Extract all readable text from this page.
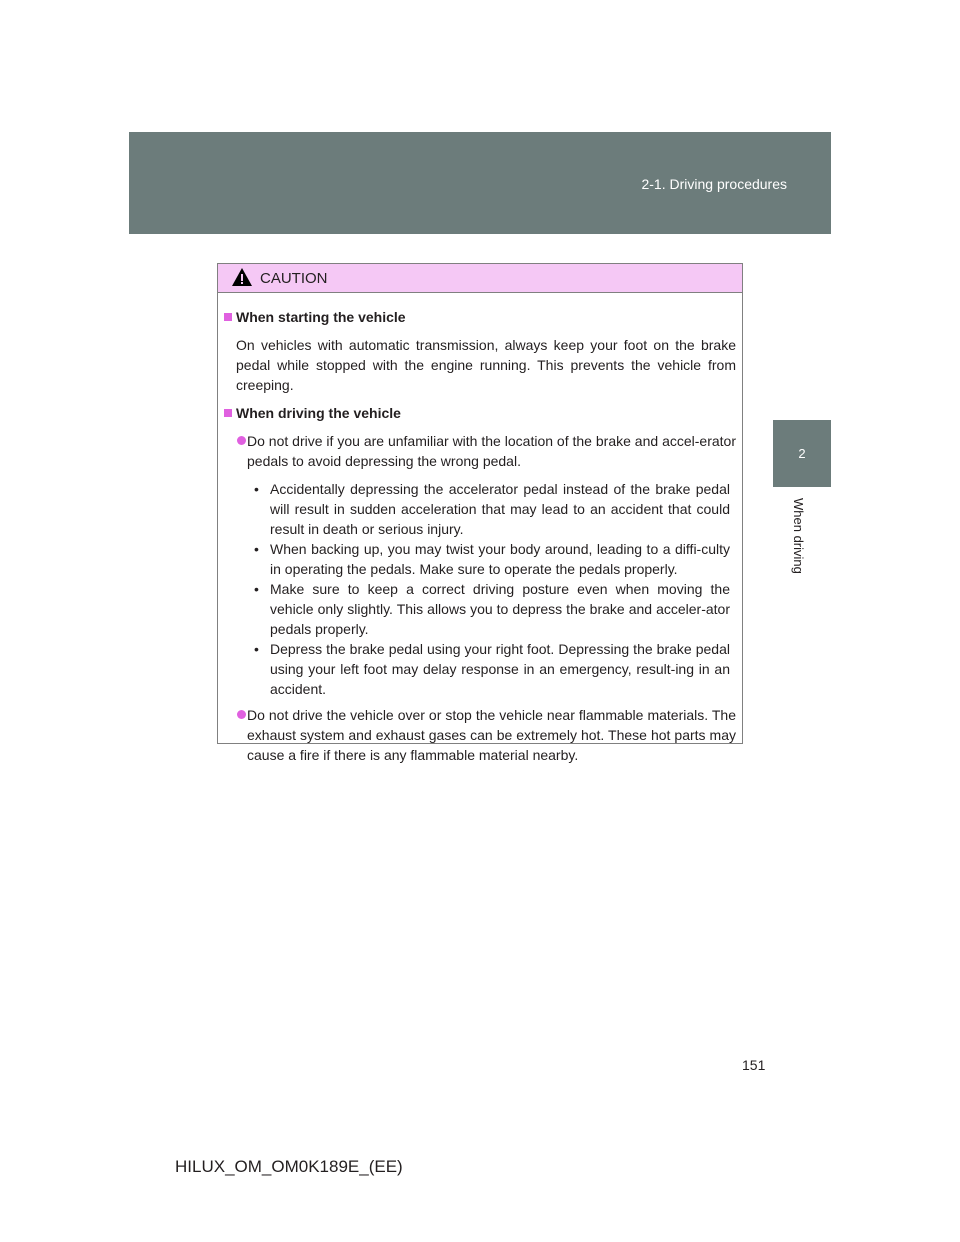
2-1. Driving procedures
2
When driving
CAUTION
When starting the vehicle
On vehicles with automatic transmission, always keep your foot on the brake pedal while stopped with the engine running. This prevents the vehicle from creeping.
When driving the vehicle
Do not drive if you are unfamiliar with the location of the brake and accel-erator pedals to avoid depressing the wrong pedal.
• Accidentally depressing the accelerator pedal instead of the brake pedal will result in sudden acceleration that may lead to an accident that could result in death or serious injury.
• When backing up, you may twist your body around, leading to a diffi-culty in operating the pedals. Make sure to operate the pedals properly.
• Make sure to keep a correct driving posture even when moving the vehicle only slightly. This allows you to depress the brake and acceler-ator pedals properly.
• Depress the brake pedal using your right foot. Depressing the brake pedal using your left foot may delay response in an emergency, result-ing in an accident.
Do not drive the vehicle over or stop the vehicle near flammable materials. The exhaust system and exhaust gases can be extremely hot. These hot parts may cause a fire if there is any flammable material nearby.
151
HILUX_OM_OM0K189E_(EE)
